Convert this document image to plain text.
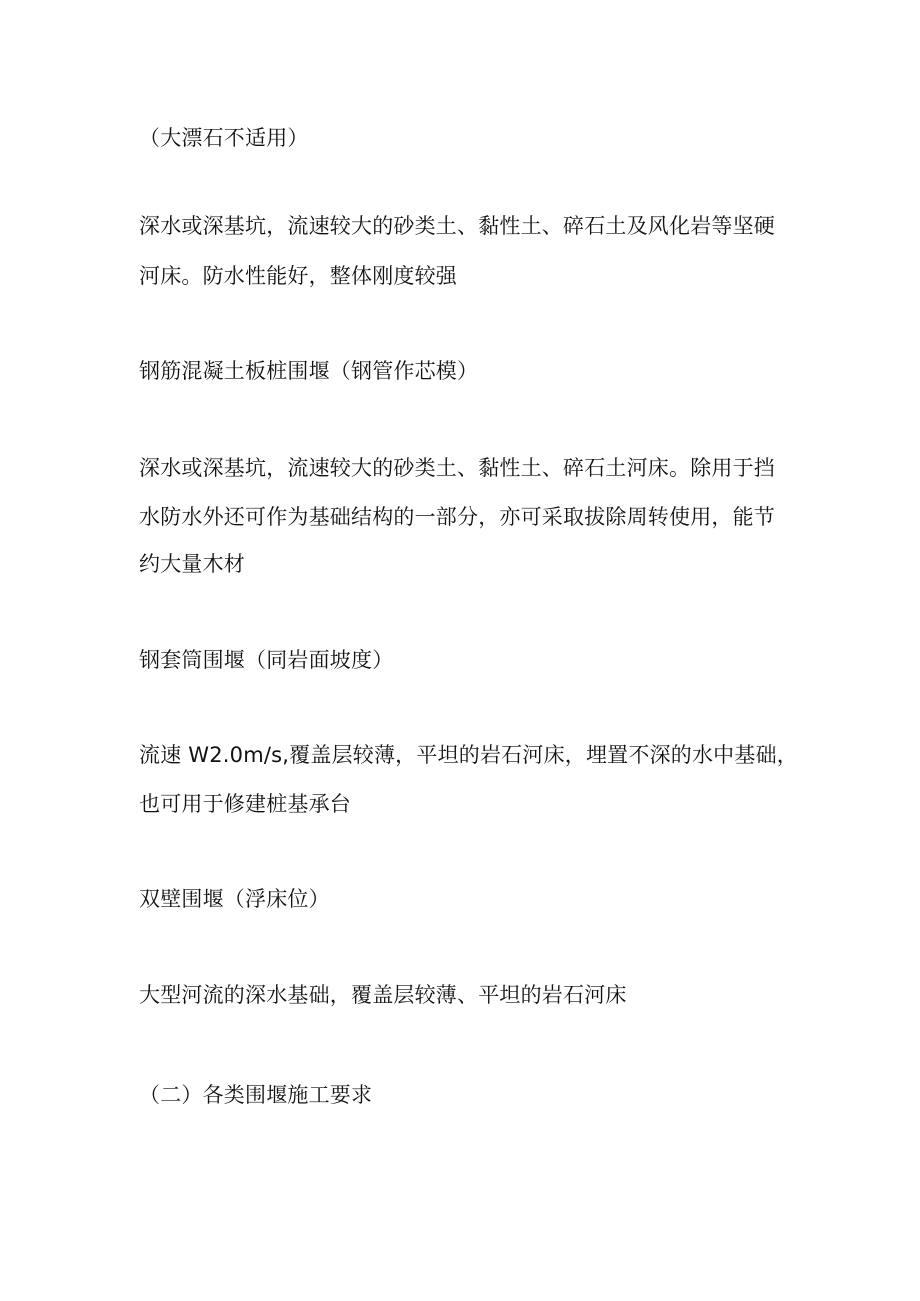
（大漂石不适用）
深水或深基坑，流速较大的砂类土、黏性土、碎石土及风化岩等坚硬
河床。防水性能好，整体刚度较强
钢筋混凝土板桩围堰（钢管作芯模）
深水或深基坑，流速较大的砂类土、黏性土、碎石土河床。除用于挡
水防水外还可作为基础结构的一部分，亦可采取拔除周转使用，能节
约大量木材
钢套筒围堰（同岩面坡度）
流速 W2.0m∕s,覆盖层较薄，平坦的岩石河床，埋置不深的水中基础，
也可用于修建桩基承台
双壁围堰（浮床位）
大型河流的深水基础，覆盖层较薄、平坦的岩石河床
（二）各类围堰施工要求
